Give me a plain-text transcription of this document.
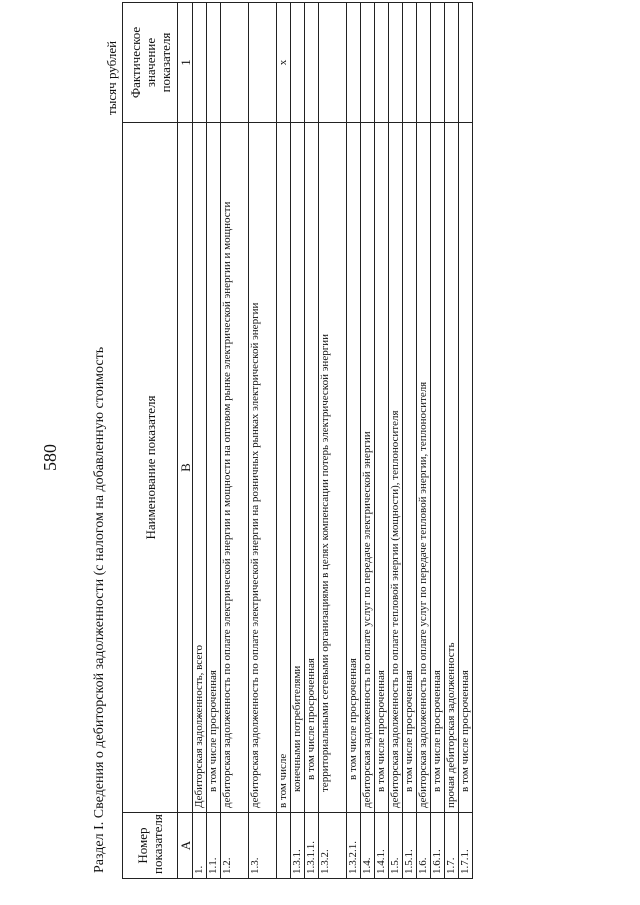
580 Раздел I. Сведения о дебиторской задолженности (с налогом на добавленную стоимость
тысяч рублей
Номер показателя	Наименование показателя	Фактическое значение показателя
А	В	1
1.	Дебиторская задолженность, всего	
1.1.	в том числе просроченная	
1.2.	дебиторская задолженность по оплате электрической энергии и мощности на оптовом рынке электрической энергии и мощности	
1.3.	дебиторская задолженность по оплате электрической энергии на розничных рынках электрической энергии	
	в том числе	х
1.3.1.	конечными потребителями	
1.3.1.1.	в том числе просроченная	
1.3.2.	территориальными сетевыми организациями в целях компенсации потерь электрической энергии	
1.3.2.1.	в том числе просроченная	
1.4.	дебиторская задолженность по оплате услуг по передаче электрической энергии	
1.4.1.	в том числе просроченная	
1.5.	дебиторская задолженность по оплате тепловой энергии (мощности), теплоносителя	
1.5.1.	в том числе просроченная	
1.6.	дебиторская задолженность по оплате услуг по передаче тепловой энергии, теплоносителя	
1.6.1.	в том числе просроченная	
1.7.	прочая дебиторская задолженность	
1.7.1.	в том числе просроченная	
